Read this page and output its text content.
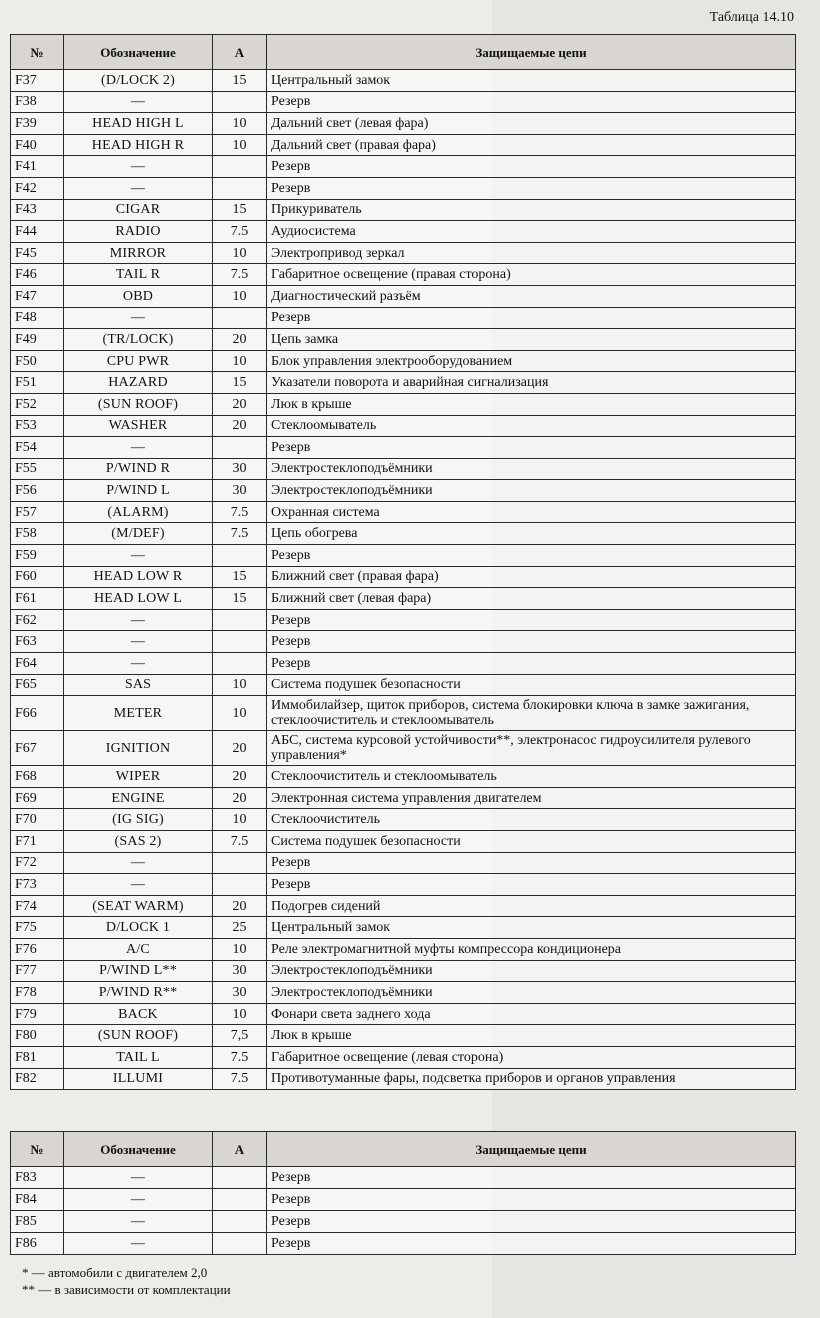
Таблица 14.10
№	Обозначение	А	Защищаемые цепи
F37	(D/LOCK 2)	15	Центральный замок
F38	—		Резерв
F39	HEAD HIGH L	10	Дальний свет (левая фара)
F40	HEAD HIGH R	10	Дальний свет (правая фара)
F41	—		Резерв
F42	—		Резерв
F43	CIGAR	15	Прикуриватель
F44	RADIO	7.5	Аудиосистема
F45	MIRROR	10	Электропривод зеркал
F46	TAIL R	7.5	Габаритное освещение (правая сторона)
F47	OBD	10	Диагностический разъём
F48	—		Резерв
F49	(TR/LOCK)	20	Цепь замка
F50	CPU PWR	10	Блок управления электрооборудованием
F51	HAZARD	15	Указатели поворота и аварийная сигнализация
F52	(SUN ROOF)	20	Люк в крыше
F53	WASHER	20	Стеклоомыватель
F54	—		Резерв
F55	P/WIND R	30	Электростеклоподъёмники
F56	P/WIND L	30	Электростеклоподъёмники
F57	(ALARM)	7.5	Охранная система
F58	(M/DEF)	7.5	Цепь обогрева
F59	—		Резерв
F60	HEAD LOW R	15	Ближний свет (правая фара)
F61	HEAD LOW L	15	Ближний свет (левая фара)
F62	—		Резерв
F63	—		Резерв
F64	—		Резерв
F65	SAS	10	Система подушек безопасности
F66	METER	10	Иммобилайзер, щиток приборов, система блокировки ключа в замке зажигания, стеклоочиститель и стеклоомыватель
F67	IGNITION	20	АБС, система курсовой устойчивости**, электронасос гидроусилителя рулевого управления*
F68	WIPER	20	Стеклоочиститель и стеклоомыватель
F69	ENGINE	20	Электронная система управления двигателем
F70	(IG SIG)	10	Стеклоочиститель
F71	(SAS 2)	7.5	Система подушек безопасности
F72	—		Резерв
F73	—		Резерв
F74	(SEAT WARM)	20	Подогрев сидений
F75	D/LOCK 1	25	Центральный замок
F76	A/C	10	Реле электромагнитной муфты компрессора кондиционера
F77	P/WIND L**	30	Электростеклоподъёмники
F78	P/WIND R**	30	Электростеклоподъёмники
F79	BACK	10	Фонари света заднего хода
F80	(SUN ROOF)	7,5	Люк в крыше
F81	TAIL L	7.5	Габаритное освещение (левая сторона)
F82	ILLUMI	7.5	Противотуманные фары, подсветка приборов и органов управления
№	Обозначение	А	Защищаемые цепи
F83	—		Резерв
F84	—		Резерв
F85	—		Резерв
F86	—		Резерв
* — автомобили с двигателем 2,0
** — в зависимости от комплектации
